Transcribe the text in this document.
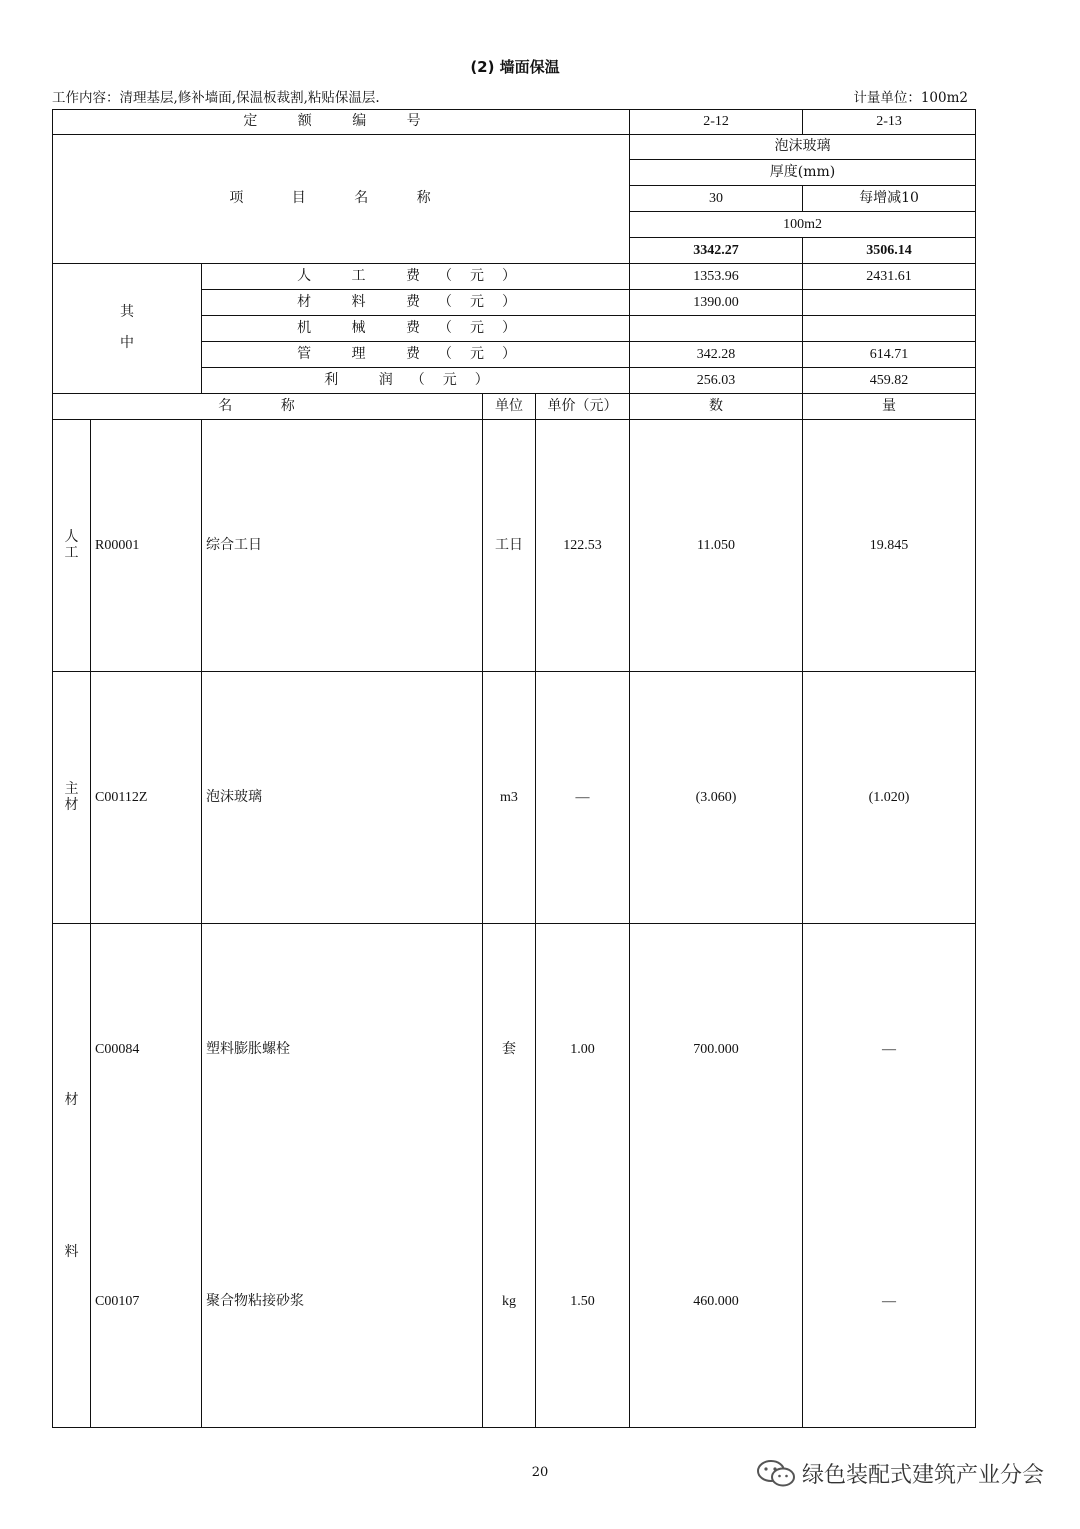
(2) 墙面保温
工作内容：清理基层,修补墙面,保温板裁割,粘贴保温层.	计量单位：100m2
定 额 编 号					2-12	2-13
项 目 名 称					泡沫玻璃	
					厚度(mm)	
					30	每增减10
					100m2	
					3342.27	3506.14
其

中		人 工 费（元）			1353.96	2431.61
		材 料 费（元）			1390.00	
		机 械 费（元）				
		管 理 费（元）			342.28	614.71
		利 润（元）			256.03	459.82
名 称			单位	单价（元）	数	量
人
工	R00001	综合工日	工日	122.53	11.050	19.845
主
材	C00112Z	泡沫玻璃	m3	—	(3.060)	(1.020)
材
料	C00084	塑料膨胀螺栓	套	1.00	700.000	—
	C00107	聚合物粘接砂浆	kg	1.50	460.000	—
20	绿色装配式建筑产业分会
